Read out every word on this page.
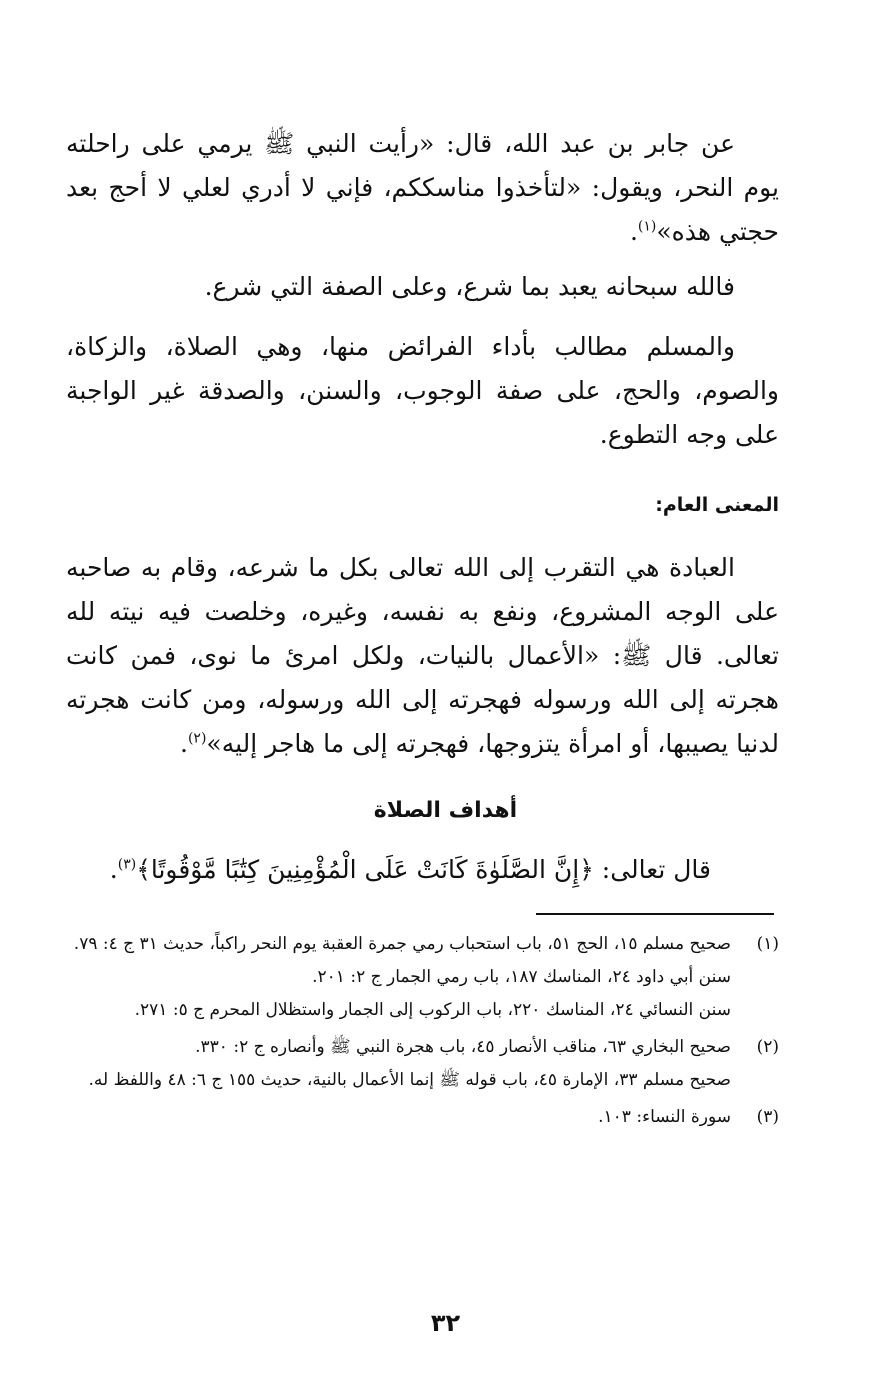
عن جابر بن عبد الله، قال: «رأيت النبي ﷺ يرمي على راحلته يوم النحر، ويقول: «لتأخذوا مناسككم، فإني لا أدري لعلي لا أحج بعد حجتي هذه»$^{(١)}$.
فالله سبحانه يعبد بما شرع، وعلى الصفة التي شرع.
والمسلم مطالب بأداء الفرائض منها، وهي الصلاة، والزكاة، والصوم، والحج، على صفة الوجوب، والسنن، والصدقة غير الواجبة على وجه التطوع.
المعنى العام:
العبادة هي التقرب إلى الله تعالى بكل ما شرعه، وقام به صاحبه على الوجه المشروع، ونفع به نفسه، وغيره، وخلصت فيه نيته لله تعالى. قال ﷺ: «الأعمال بالنيات، ولكل امرئ ما نوى، فمن كانت هجرته إلى الله ورسوله فهجرته إلى الله ورسوله، ومن كانت هجرته لدنيا يصيبها، أو امرأة يتزوجها، فهجرته إلى ما هاجر إليه»$^{(٢)}$.
أهداف الصلاة
قال تعالى: ﴿إِنَّ الصَّلَوٰةَ كَانَتْ عَلَى الْمُؤْمِنِينَ كِتَٰبًا مَّوْقُوتًا﴾$^{(٣)}$.
(١)
صحيح مسلم ١٥، الحج ٥١، باب استحباب رمي جمرة العقبة يوم النحر راكباً، حديث ٣١ ج ٤: ٧٩.
سنن أبي داود ٢٤، المناسك ١٨٧، باب رمي الجمار ج ٢: ٢٠١.
سنن النسائي ٢٤، المناسك ٢٢٠، باب الركوب إلى الجمار واستظلال المحرم ج ٥: ٢٧١.
(٢)
صحيح البخاري ٦٣، مناقب الأنصار ٤٥، باب هجرة النبي ﷺ وأنصاره ج ٢: ٣٣٠.
صحيح مسلم ٣٣، الإمارة ٤٥، باب قوله ﷺ إنما الأعمال بالنية، حديث ١٥٥ ج ٦: ٤٨ واللفظ له.
(٣)
سورة النساء: ١٠٣.
٣٢
